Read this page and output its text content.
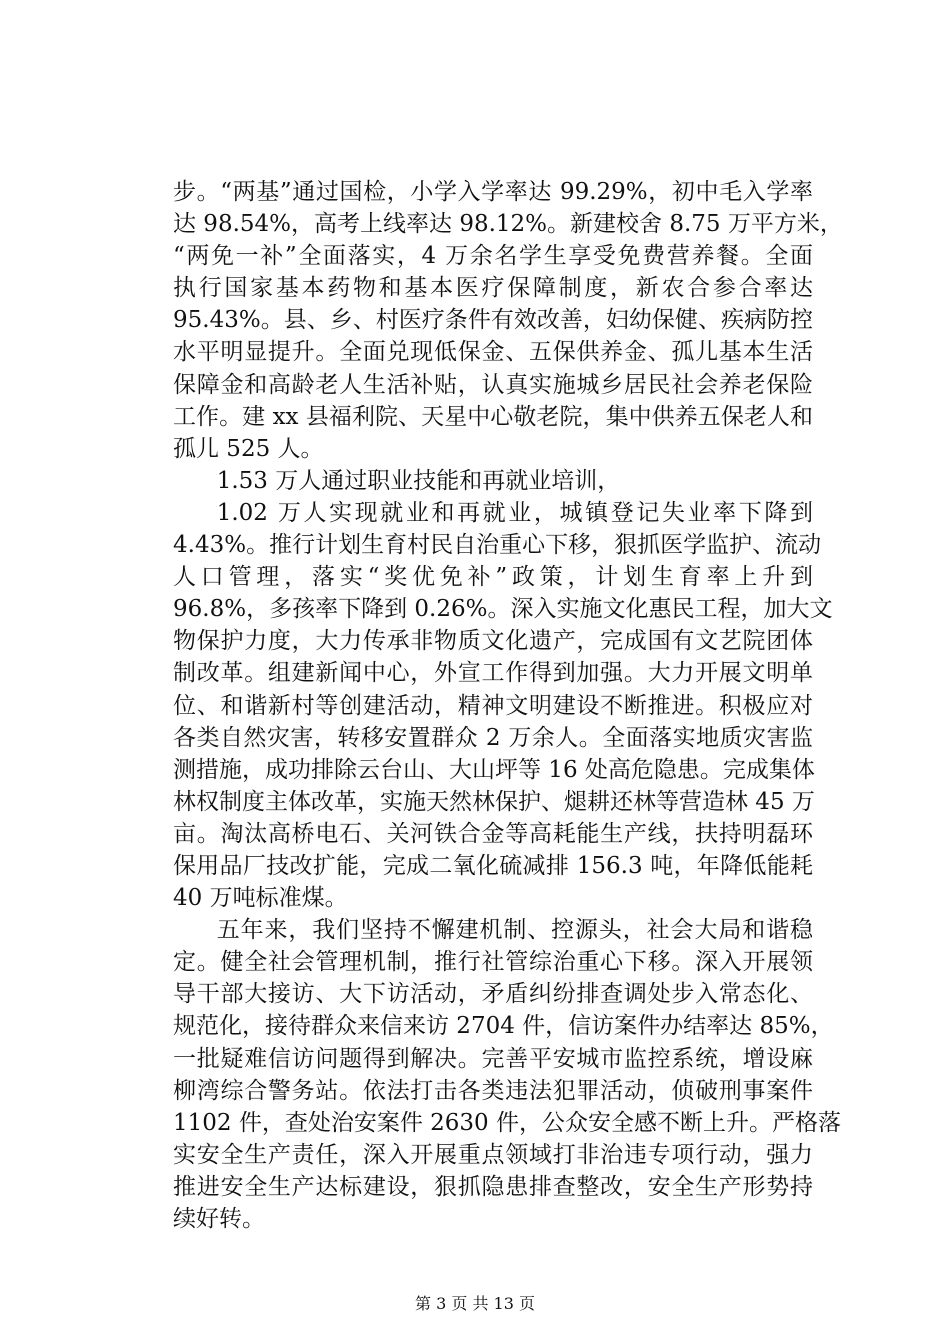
步。“两基”通过国检，小学入学率达 99.29%，初中毛入学率
达 98.54%，高考上线率达 98.12%。新建校舍 8.75 万平方米，
“两免一补”全面落实，4 万余名学生享受免费营养餐。全面
执行国家基本药物和基本医疗保障制度，新农合参合率达
95.43%。县、乡、村医疗条件有效改善，妇幼保健、疾病防控
水平明显提升。全面兑现低保金、五保供养金、孤儿基本生活
保障金和高龄老人生活补贴，认真实施城乡居民社会养老保险
工作。建 xx 县福利院、天星中心敬老院，集中供养五保老人和
孤儿 525 人。
1.53 万人通过职业技能和再就业培训，
1.02 万人实现就业和再就业，城镇登记失业率下降到
4.43%。推行计划生育村民自治重心下移，狠抓医学监护、流动
人口管理，落实“奖优免补”政策，计划生育率上升到
96.8%，多孩率下降到 0.26%。深入实施文化惠民工程，加大文
物保护力度，大力传承非物质文化遗产，完成国有文艺院团体
制改革。组建新闻中心，外宣工作得到加强。大力开展文明单
位、和谐新村等创建活动，精神文明建设不断推进。积极应对
各类自然灾害，转移安置群众 2 万余人。全面落实地质灾害监
测措施，成功排除云台山、大山坪等 16 处高危隐患。完成集体
林权制度主体改革，实施天然林保护、煺耕还林等营造林 45 万
亩。淘汰高桥电石、关河铁合金等高耗能生产线，扶持明磊环
保用品厂技改扩能，完成二氧化硫减排 156.3 吨，年降低能耗
40 万吨标准煤。
五年来，我们坚持不懈建机制、控源头，社会大局和谐稳
定。健全社会管理机制，推行社管综治重心下移。深入开展领
导干部大接访、大下访活动，矛盾纠纷排查调处步入常态化、
规范化，接待群众来信来访 2704 件，信访案件办结率达 85%，
一批疑难信访问题得到解决。完善平安城市监控系统，增设麻
柳湾综合警务站。依法打击各类违法犯罪活动，侦破刑事案件
1102 件，查处治安案件 2630 件，公众安全感不断上升。严格落
实安全生产责任，深入开展重点领域打非治违专项行动，强力
推进安全生产达标建设，狠抓隐患排查整改，安全生产形势持
续好转。
第 3 页 共 13 页
